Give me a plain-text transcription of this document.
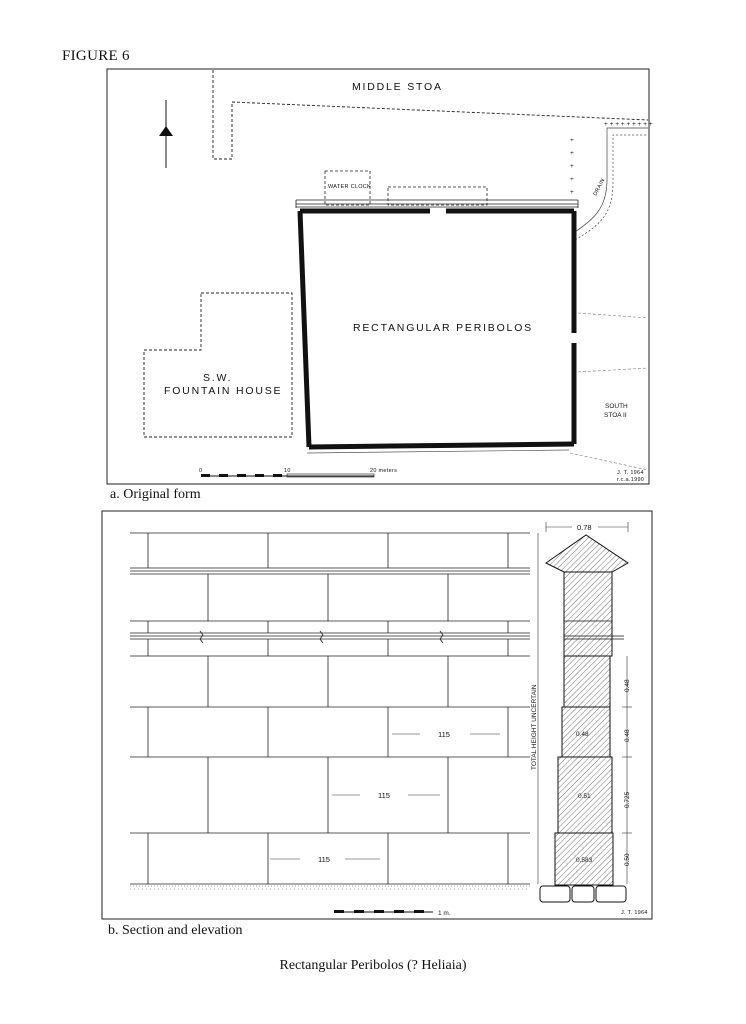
FIGURE 6
MIDDLE STOA
WATER CLOCK
+ + + + + + + + +
+
+
+
+
+	DRAIN
RECTANGULAR PERIBOLOS
S.W.
FOUNTAIN HOUSE
SOUTH
STOA II
0	10	20 meters	J. T. 1964
r.c.a.1990
115
115
115
TOTAL HEIGHT UNCERTAIN
0.78
0.48
0.51
0.583
0.48
0.48
0.725
0.50
1 m.	J. T. 1964
a. Original form
b. Section and elevation
Rectangular Peribolos (? Heliaia)
